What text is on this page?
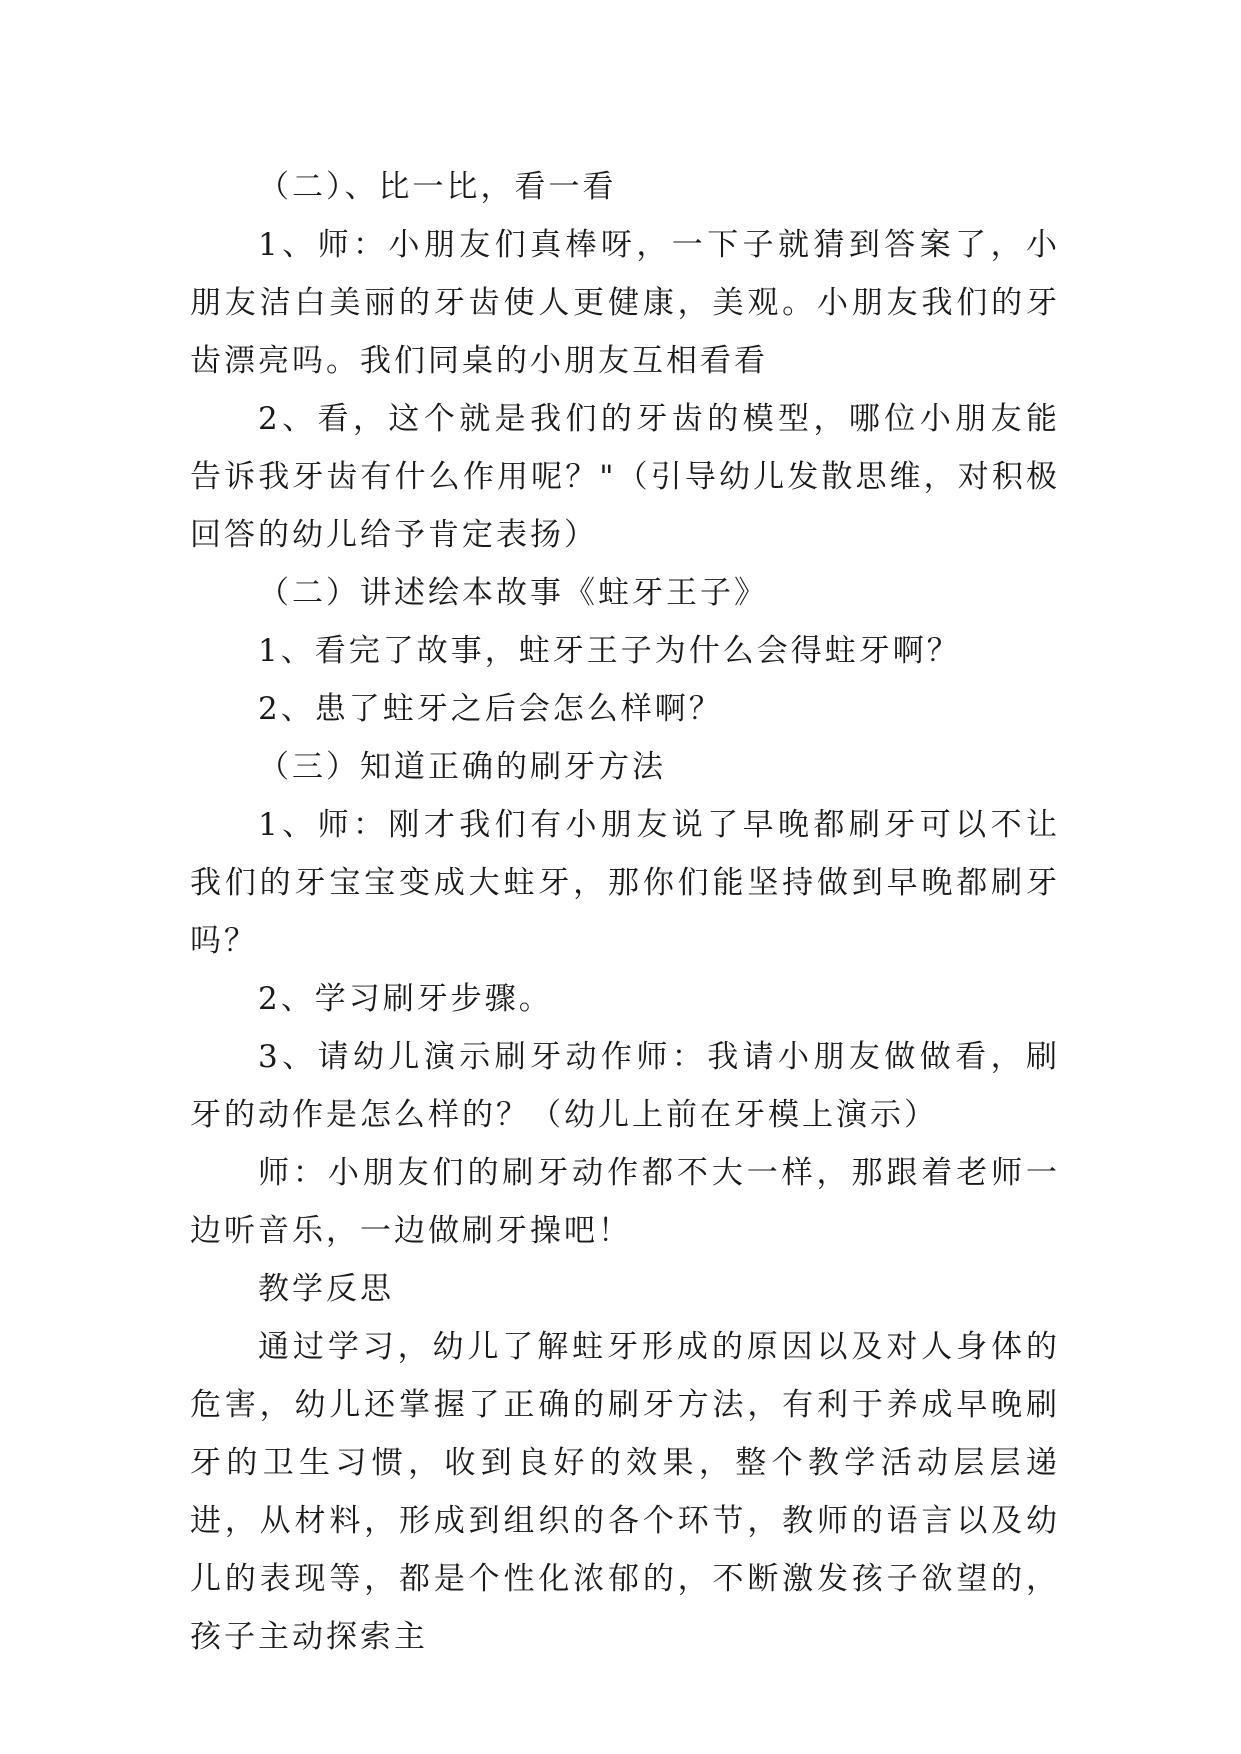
（二）、比一比，看一看

1、师：小朋友们真棒呀，一下子就猜到答案了，小朋友洁白美丽的牙齿使人更健康，美观。小朋友我们的牙齿漂亮吗。我们同桌的小朋友互相看看

2、看，这个就是我们的牙齿的模型，哪位小朋友能告诉我牙齿有什么作用呢？"（引导幼儿发散思维，对积极回答的幼儿给予肯定表扬）

（二）讲述绘本故事《蛀牙王子》

1、看完了故事，蛀牙王子为什么会得蛀牙啊？

2、患了蛀牙之后会怎么样啊？

（三）知道正确的刷牙方法

1、师：刚才我们有小朋友说了早晚都刷牙可以不让我们的牙宝宝变成大蛀牙，那你们能坚持做到早晚都刷牙吗？

2、学习刷牙步骤。

3、请幼儿演示刷牙动作师：我请小朋友做做看，刷牙的动作是怎么样的？（幼儿上前在牙模上演示）

师：小朋友们的刷牙动作都不大一样，那跟着老师一边听音乐，一边做刷牙操吧！

教学反思

通过学习，幼儿了解蛀牙形成的原因以及对人身体的危害，幼儿还掌握了正确的刷牙方法，有利于养成早晚刷牙的卫生习惯，收到良好的效果，整个教学活动层层递进，从材料，形成到组织的各个环节，教师的语言以及幼儿的表现等，都是个性化浓郁的，不断激发孩子欲望的，孩子主动探索主
